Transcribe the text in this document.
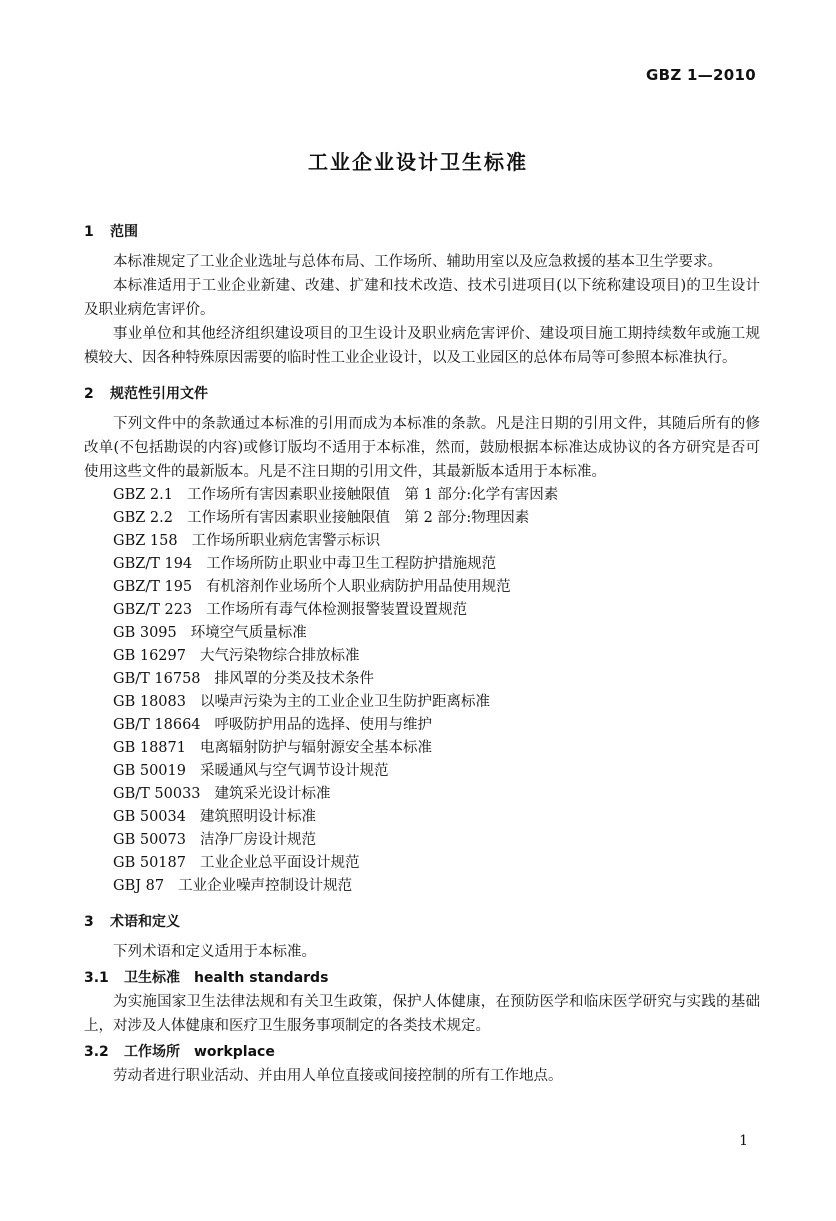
GBZ 1—2010
工业企业设计卫生标准
1 范围

本标准规定了工业企业选址与总体布局、工作场所、辅助用室以及应急救援的基本卫生学要求。

本标准适用于工业企业新建、改建、扩建和技术改造、技术引进项目(以下统称建设项目)的卫生设计及职业病危害评价。

事业单位和其他经济组织建设项目的卫生设计及职业病危害评价、建设项目施工期持续数年或施工规模较大、因各种特殊原因需要的临时性工业企业设计，以及工业园区的总体布局等可参照本标准执行。

2 规范性引用文件

下列文件中的条款通过本标准的引用而成为本标准的条款。凡是注日期的引用文件，其随后所有的修改单(不包括勘误的内容)或修订版均不适用于本标准，然而，鼓励根据本标准达成协议的各方研究是否可使用这些文件的最新版本。凡是不注日期的引用文件，其最新版本适用于本标准。

GBZ 2.1 工作场所有害因素职业接触限值　第 1 部分:化学有害因素
GBZ 2.2 工作场所有害因素职业接触限值　第 2 部分:物理因素
GBZ 158 工作场所职业病危害警示标识
GBZ/T 194 工作场所防止职业中毒卫生工程防护措施规范
GBZ/T 195 有机溶剂作业场所个人职业病防护用品使用规范
GBZ/T 223 工作场所有毒气体检测报警装置设置规范
GB 3095 环境空气质量标准
GB 16297 大气污染物综合排放标准
GB/T 16758 排风罩的分类及技术条件
GB 18083 以噪声污染为主的工业企业卫生防护距离标准
GB/T 18664 呼吸防护用品的选择、使用与维护
GB 18871 电离辐射防护与辐射源安全基本标准
GB 50019 采暖通风与空气调节设计规范
GB/T 50033 建筑采光设计标准
GB 50034 建筑照明设计标准
GB 50073 洁净厂房设计规范
GB 50187 工业企业总平面设计规范
GBJ 87 工业企业噪声控制设计规范
3 术语和定义

下列术语和定义适用于本标准。

3.1 卫生标准 health standards

为实施国家卫生法律法规和有关卫生政策，保护人体健康，在预防医学和临床医学研究与实践的基础上，对涉及人体健康和医疗卫生服务事项制定的各类技术规定。

3.2 工作场所 workplace

劳动者进行职业活动、并由用人单位直接或间接控制的所有工作地点。

1
